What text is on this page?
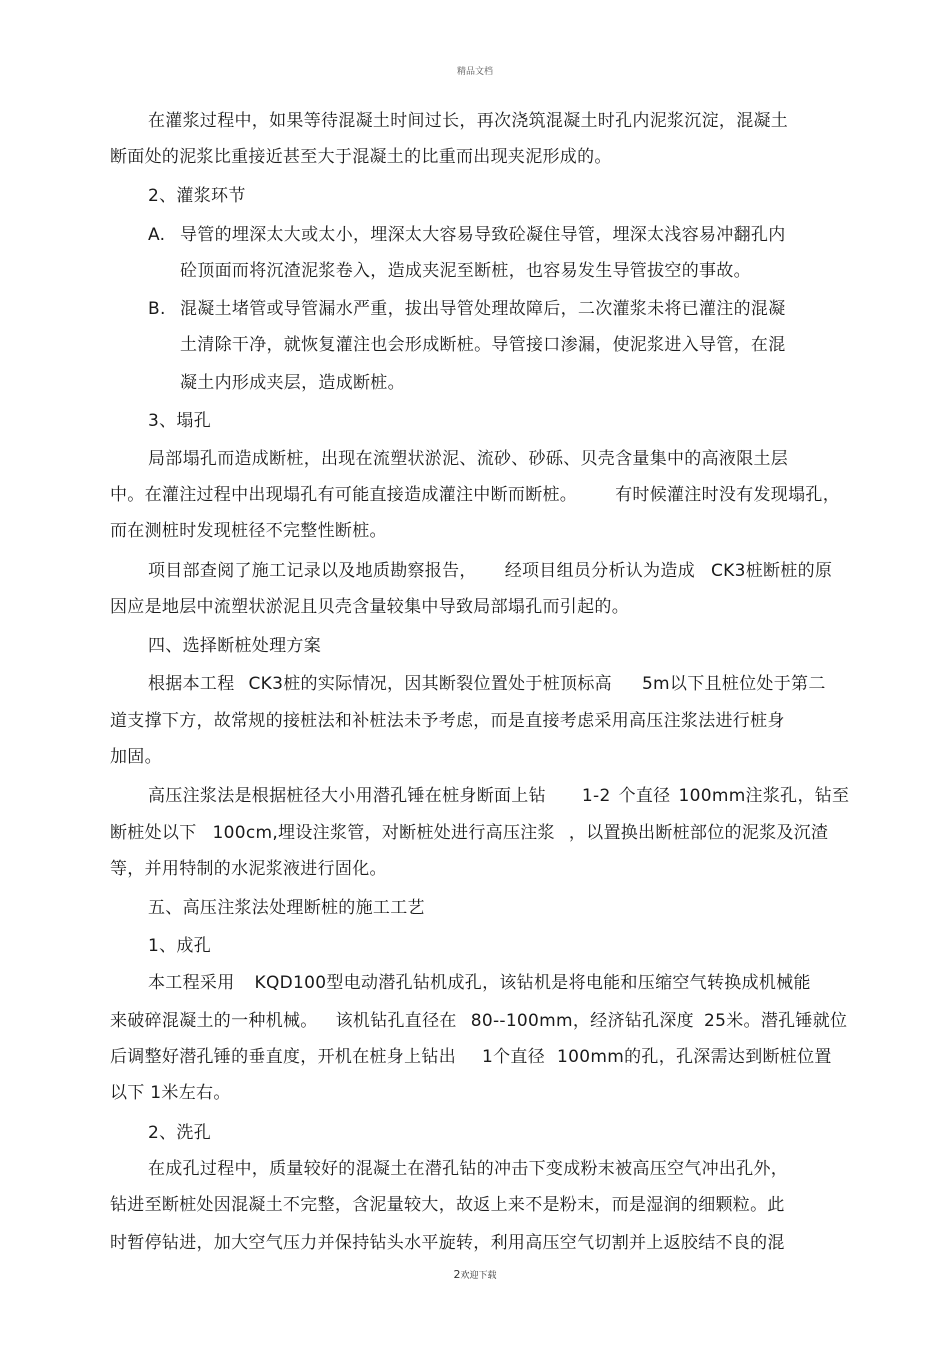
精品文档
在灌浆过程中，如果等待混凝土时间过长，再次浇筑混凝土时孔内泥浆沉淀，混凝土
断面处的泥浆比重接近甚至大于混凝土的比重而出现夹泥形成的。
2、灌浆环节
A. 导管的埋深太大或太小，埋深太大容易导致砼凝住导管，埋深太浅容易冲翻孔内
砼顶面而将沉渣泥浆卷入，造成夹泥至断桩，也容易发生导管拔空的事故。
B. 混凝土堵管或导管漏水严重，拔出导管处理故障后，二次灌浆未将已灌注的混凝
土清除干净，就恢复灌注也会形成断桩。导管接口渗漏，使泥浆进入导管，在混
凝土内形成夹层，造成断桩。
3、塌孔
局部塌孔而造成断桩，出现在流塑状淤泥、流砂、砂砾、贝壳含量集中的高液限土层
中。在灌注过程中出现塌孔有可能直接造成灌注中断而断桩。 有时候灌注时没有发现塌孔，
而在测桩时发现桩径不完整性断桩。
项目部查阅了施工记录以及地质勘察报告， 经项目组员分析认为造成 CK3桩断桩的原
因应是地层中流塑状淤泥且贝壳含量较集中导致局部塌孔而引起的。
四、选择断桩处理方案
根据本工程 CK3桩的实际情况，因其断裂位置处于桩顶标高 5m以下且桩位处于第二
道支撑下方，故常规的接桩法和补桩法未予考虑，而是直接考虑采用高压注浆法进行桩身
加固。
高压注浆法是根据桩径大小用潜孔锤在桩身断面上钻 1-2 个直径 100mm注浆孔，钻至
断桩处以下 100cm,埋设注浆管，对断桩处进行高压注浆 ，以置换出断桩部位的泥浆及沉渣
等，并用特制的水泥浆液进行固化。
五、高压注浆法处理断桩的施工工艺
1、成孔
本工程采用 KQD100型电动潜孔钻机成孔，该钻机是将电能和压缩空气转换成机械能
来破碎混凝土的一种机械。 该机钻孔直径在 80--100mm，经济钻孔深度 25米。潜孔锤就位
后调整好潜孔锤的垂直度，开机在桩身上钻出 1个直径 100mm的孔，孔深需达到断桩位置
以下 1米左右。
2、洗孔
在成孔过程中，质量较好的混凝土在潜孔钻的冲击下变成粉末被高压空气冲出孔外，
钻进至断桩处因混凝土不完整，含泥量较大，故返上来不是粉末，而是湿润的细颗粒。此
时暂停钻进，加大空气压力并保持钻头水平旋转，利用高压空气切割并上返胶结不良的混
2欢迎下载
